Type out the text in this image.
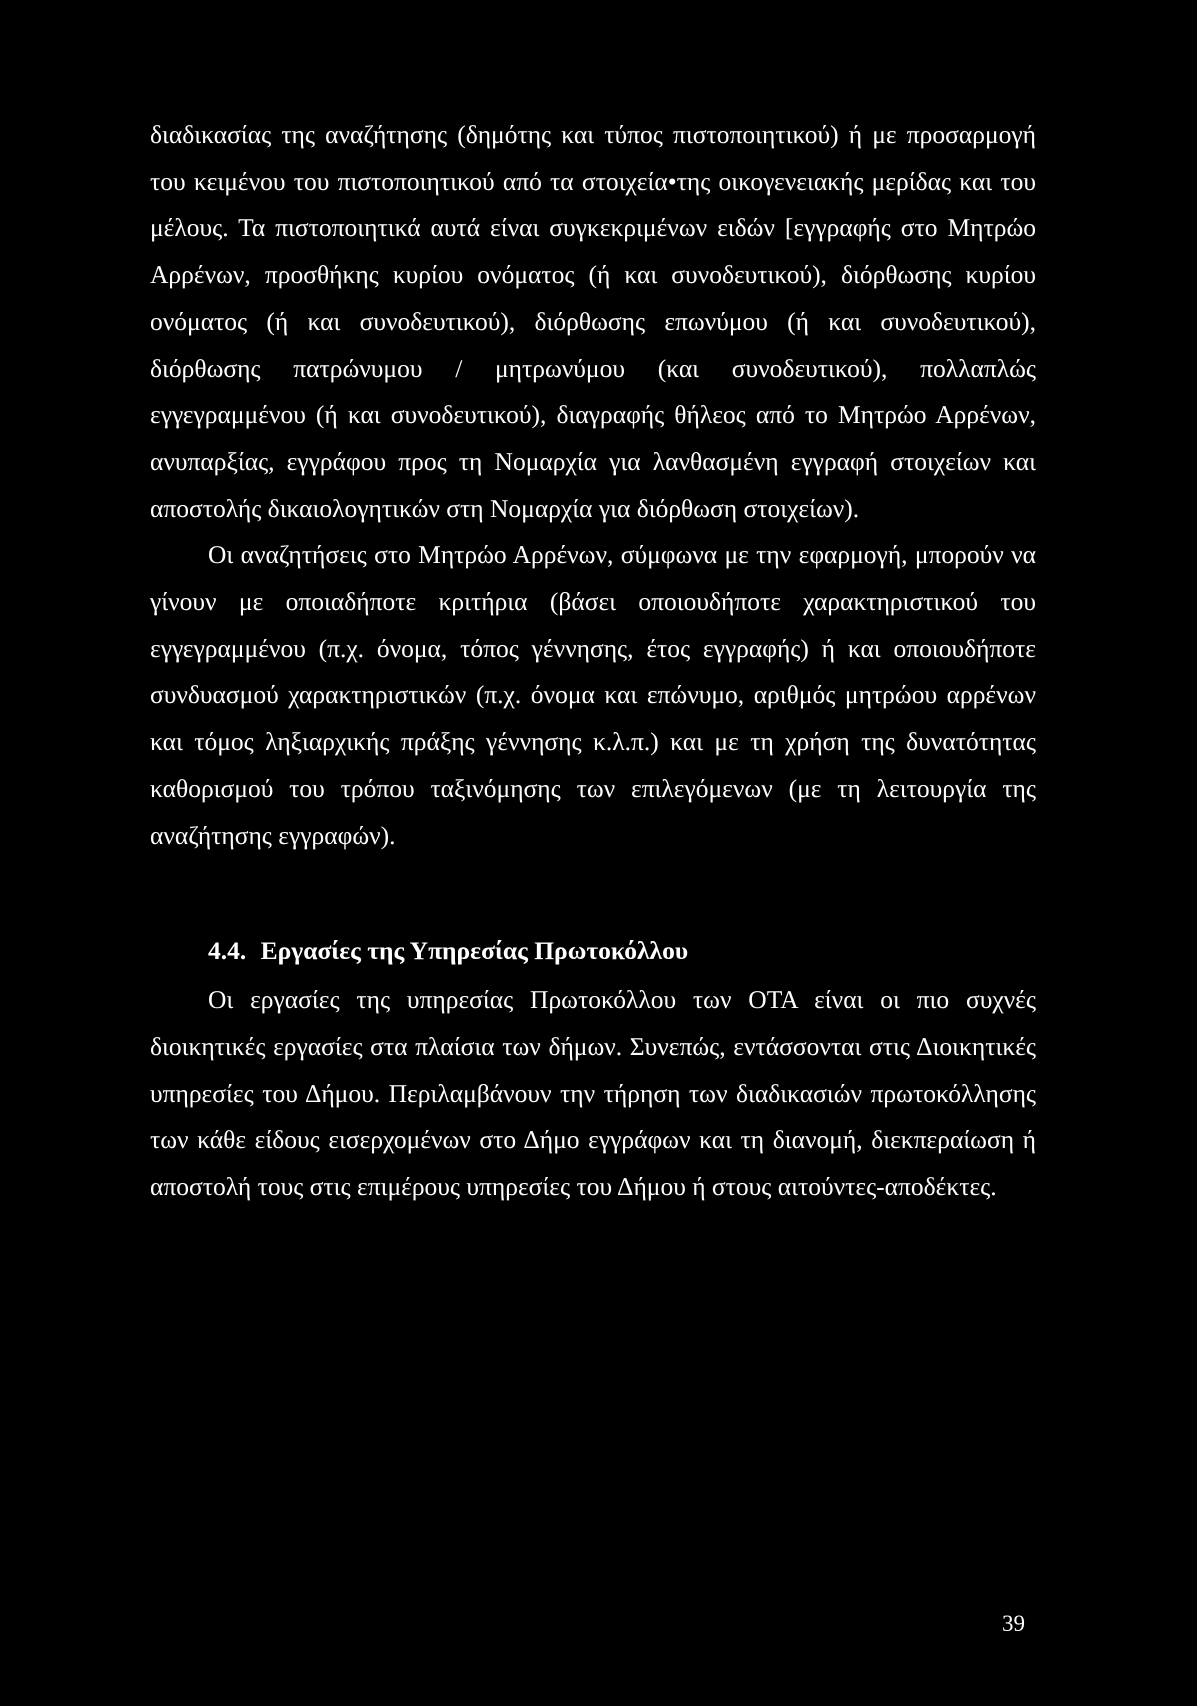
διαδικασίας της αναζήτησης (δημότης και τύπος πιστοποιητικού) ή με προσαρμογή του κειμένου του πιστοποιητικού από τα στοιχεία•της οικογενειακής μερίδας και του μέλους. Τα πιστοποιητικά αυτά είναι συγκεκριμένων ειδών [εγγραφής στο Μητρώο Αρρένων, προσθήκης κυρίου ονόματος (ή και συνοδευτικού), διόρθωσης κυρίου ονόματος (ή και συνοδευτικού), διόρθωσης επωνύμου (ή και συνοδευτικού), διόρθωσης πατρώνυμου / μητρωνύμου (και συνοδευτικού), πολλαπλώς εγγεγραμμένου (ή και συνοδευτικού), διαγραφής θήλεος από το Μητρώο Αρρένων, ανυπαρξίας, εγγράφου προς τη Νομαρχία για λανθασμένη εγγραφή στοιχείων και αποστολής δικαιολογητικών στη Νομαρχία για διόρθωση στοιχείων).

Οι αναζητήσεις στο Μητρώο Αρρένων, σύμφωνα με την εφαρμογή, μπορούν να γίνουν με οποιαδήποτε κριτήρια (βάσει οποιουδήποτε χαρακτηριστικού του εγγεγραμμένου (π.χ. όνομα, τόπος γέννησης, έτος εγγραφής) ή και οποιουδήποτε συνδυασμού χαρακτηριστικών (π.χ. όνομα και επώνυμο, αριθμός μητρώου αρρένων και τόμος ληξιαρχικής πράξης γέννησης κ.λ.π.) και με τη χρήση της δυνατότητας καθορισμού του τρόπου ταξινόμησης των επιλεγόμενων (με τη λειτουργία της αναζήτησης εγγραφών).

4.4. Εργασίες της Υπηρεσίας Πρωτοκόλλου

Οι εργασίες της υπηρεσίας Πρωτοκόλλου των ΟΤΑ είναι οι πιο συχνές διοικητικές εργασίες στα πλαίσια των δήμων. Συνεπώς, εντάσσονται στις Διοικητικές υπηρεσίες του Δήμου. Περιλαμβάνουν την τήρηση των διαδικασιών πρωτοκόλλησης των κάθε είδους εισερχομένων στο Δήμο εγγράφων και τη διανομή, διεκπεραίωση ή αποστολή τους στις επιμέρους υπηρεσίες του Δήμου ή στους αιτούντες-αποδέκτες.

39
